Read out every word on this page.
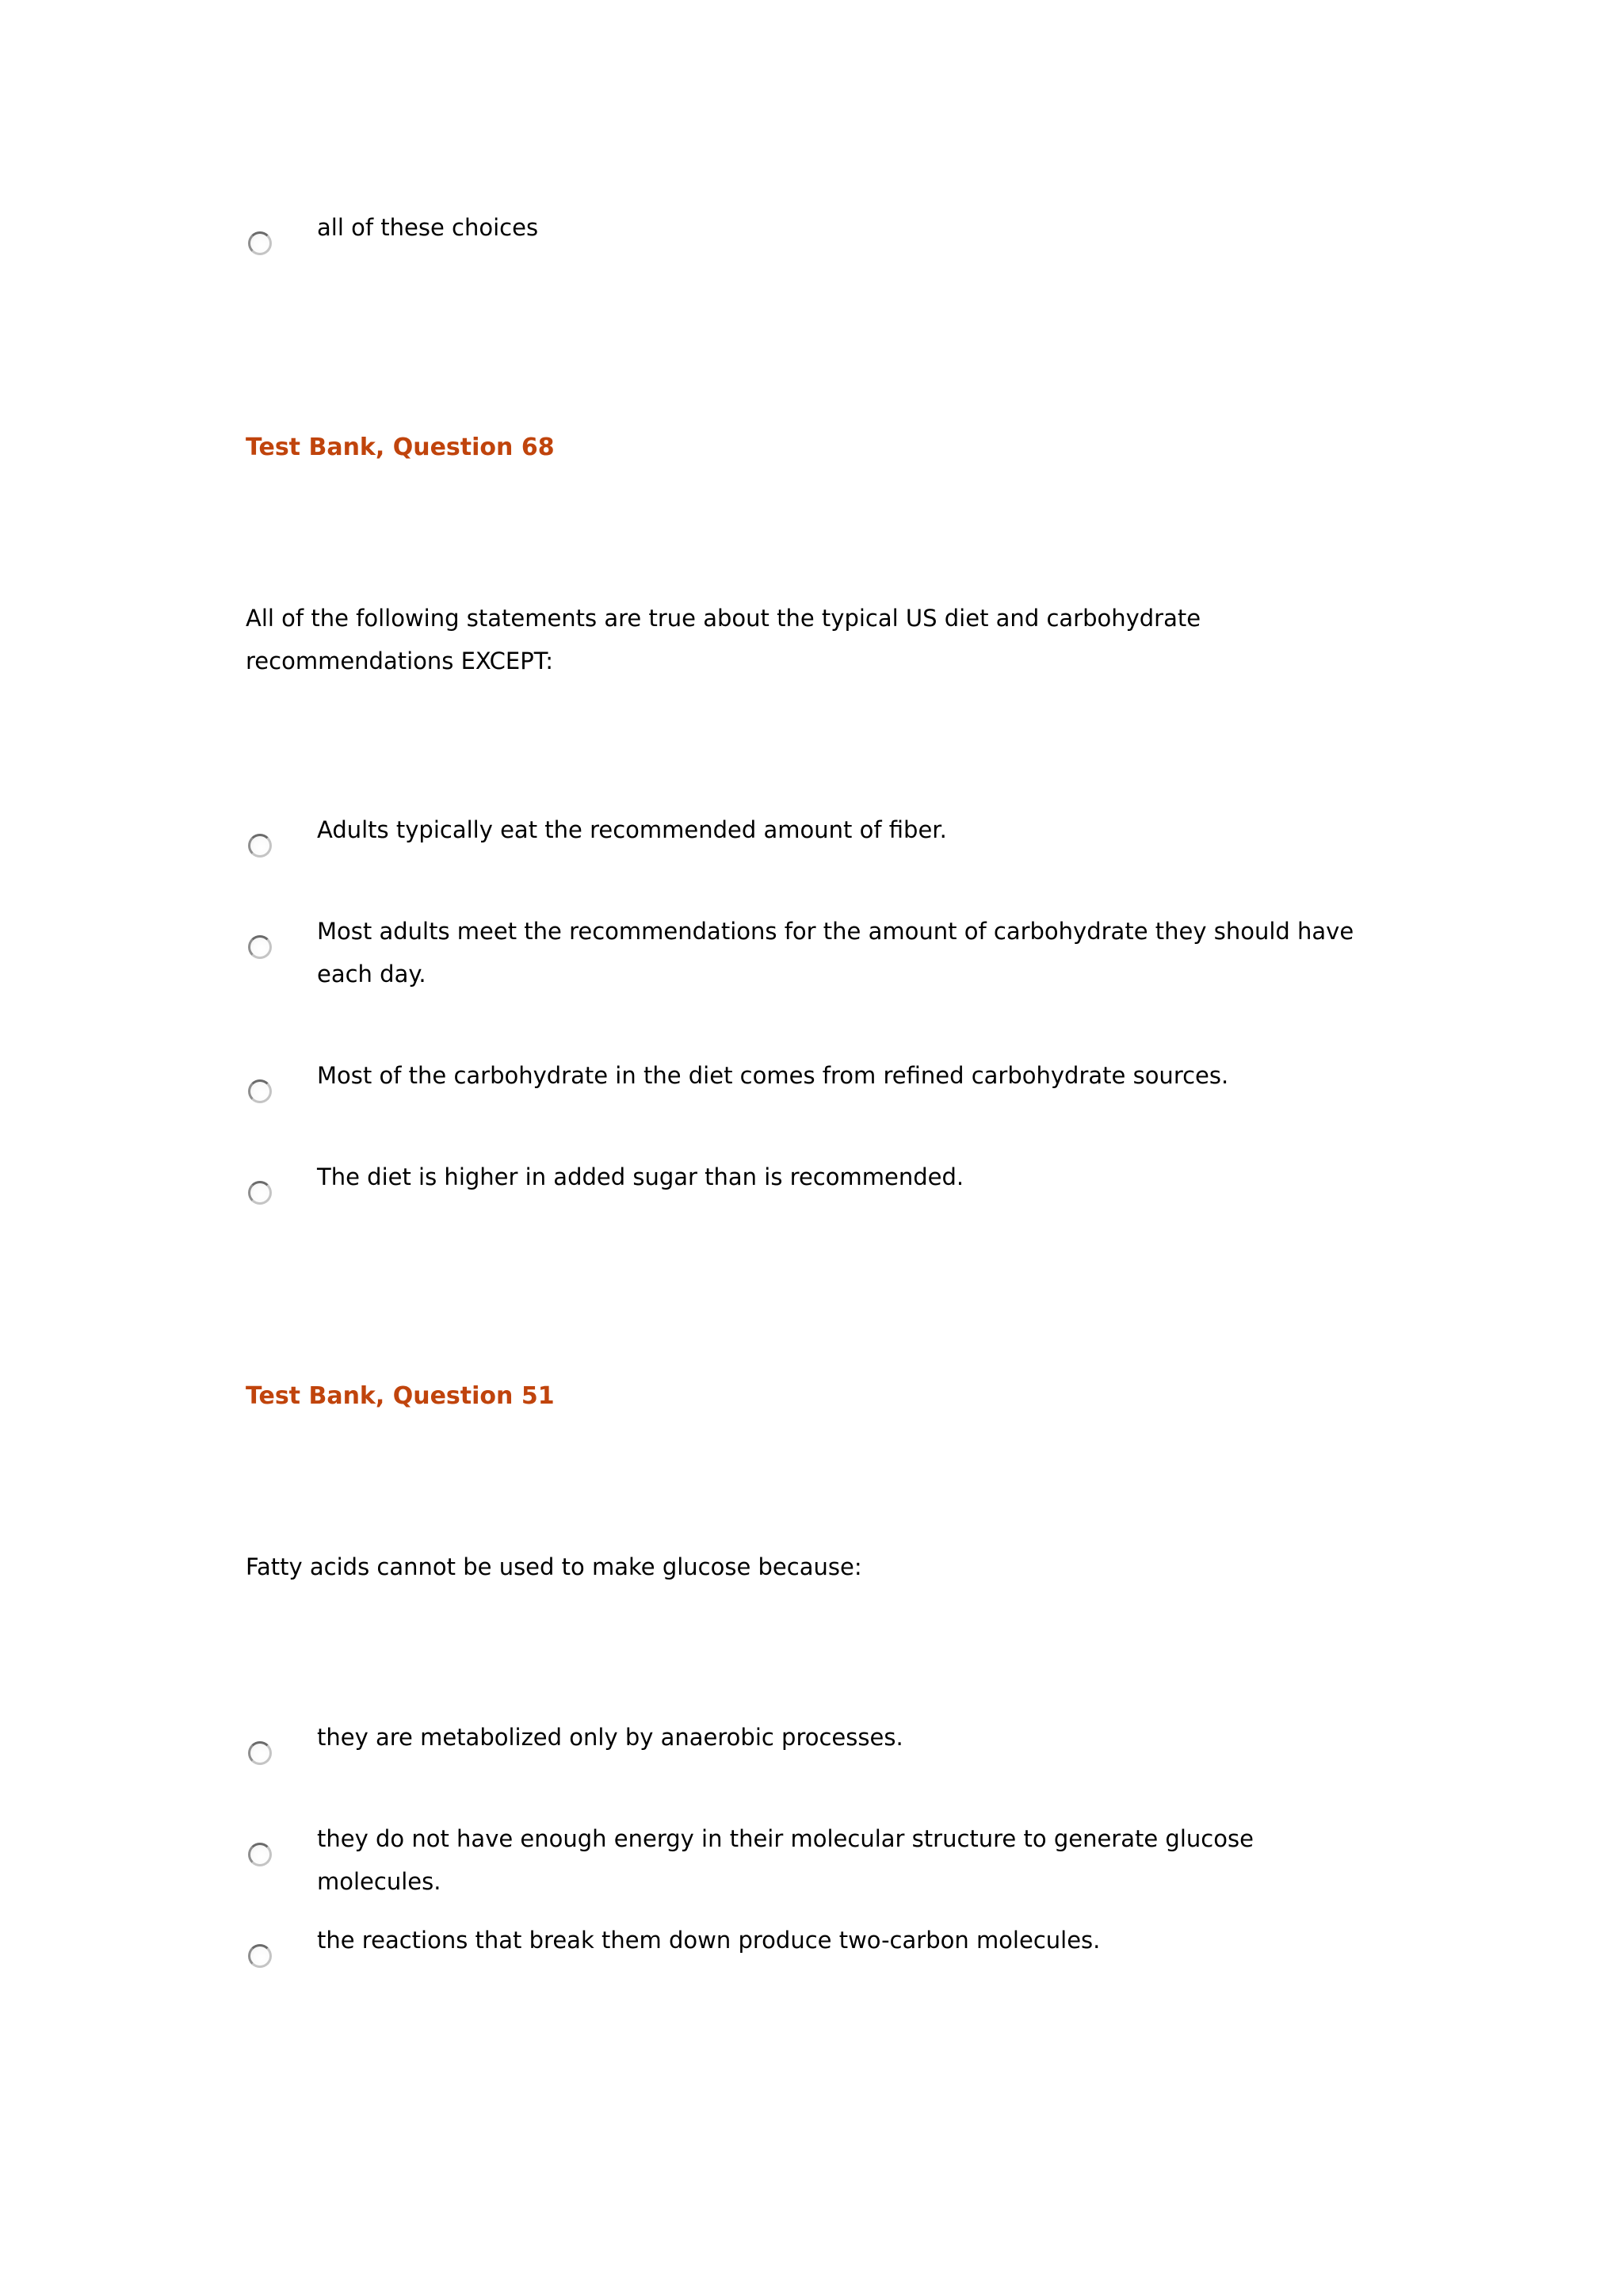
all of these choices
Test Bank, Question 68
All of the following statements are true about the typical US diet and carbohydrate recommendations EXCEPT:
Adults typically eat the recommended amount of fiber.
Most adults meet the recommendations for the amount of carbohydrate they should have each day.
Most of the carbohydrate in the diet comes from refined carbohydrate sources.
The diet is higher in added sugar than is recommended.
Test Bank, Question 51
Fatty acids cannot be used to make glucose because:
they are metabolized only by anaerobic processes.
they do not have enough energy in their molecular structure to generate glucose molecules.
the reactions that break them down produce two-carbon molecules.
